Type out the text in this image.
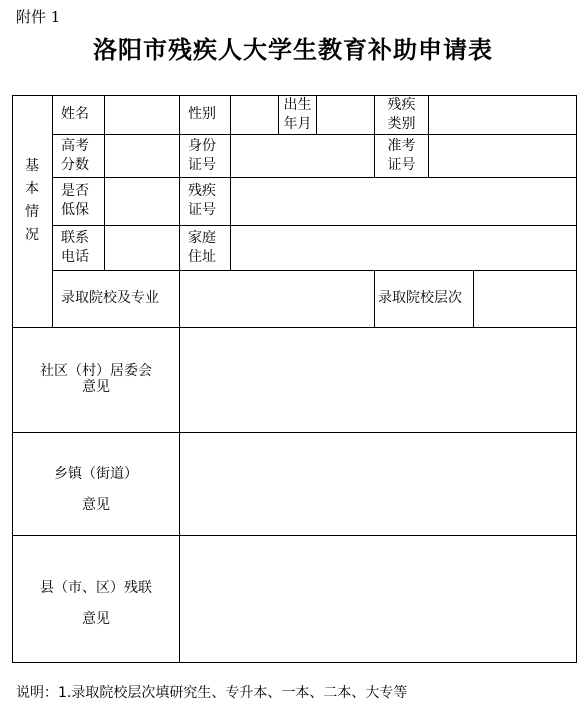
附件 1
洛阳市残疾人大学生教育补助申请表
基
本
情
况
姓名	性别
出生
年月
残疾
类别
高考
分数
身份
证号
准考
证号
是否
低保
残疾
证号
联系
电话
家庭
住址
录取院校及专业	录取院校层次
社区（村）居委会
意见
乡镇（街道）
意见
县（市、区）残联
意见
说明：1.录取院校层次填研究生、专升本、一本、二本、大专等
